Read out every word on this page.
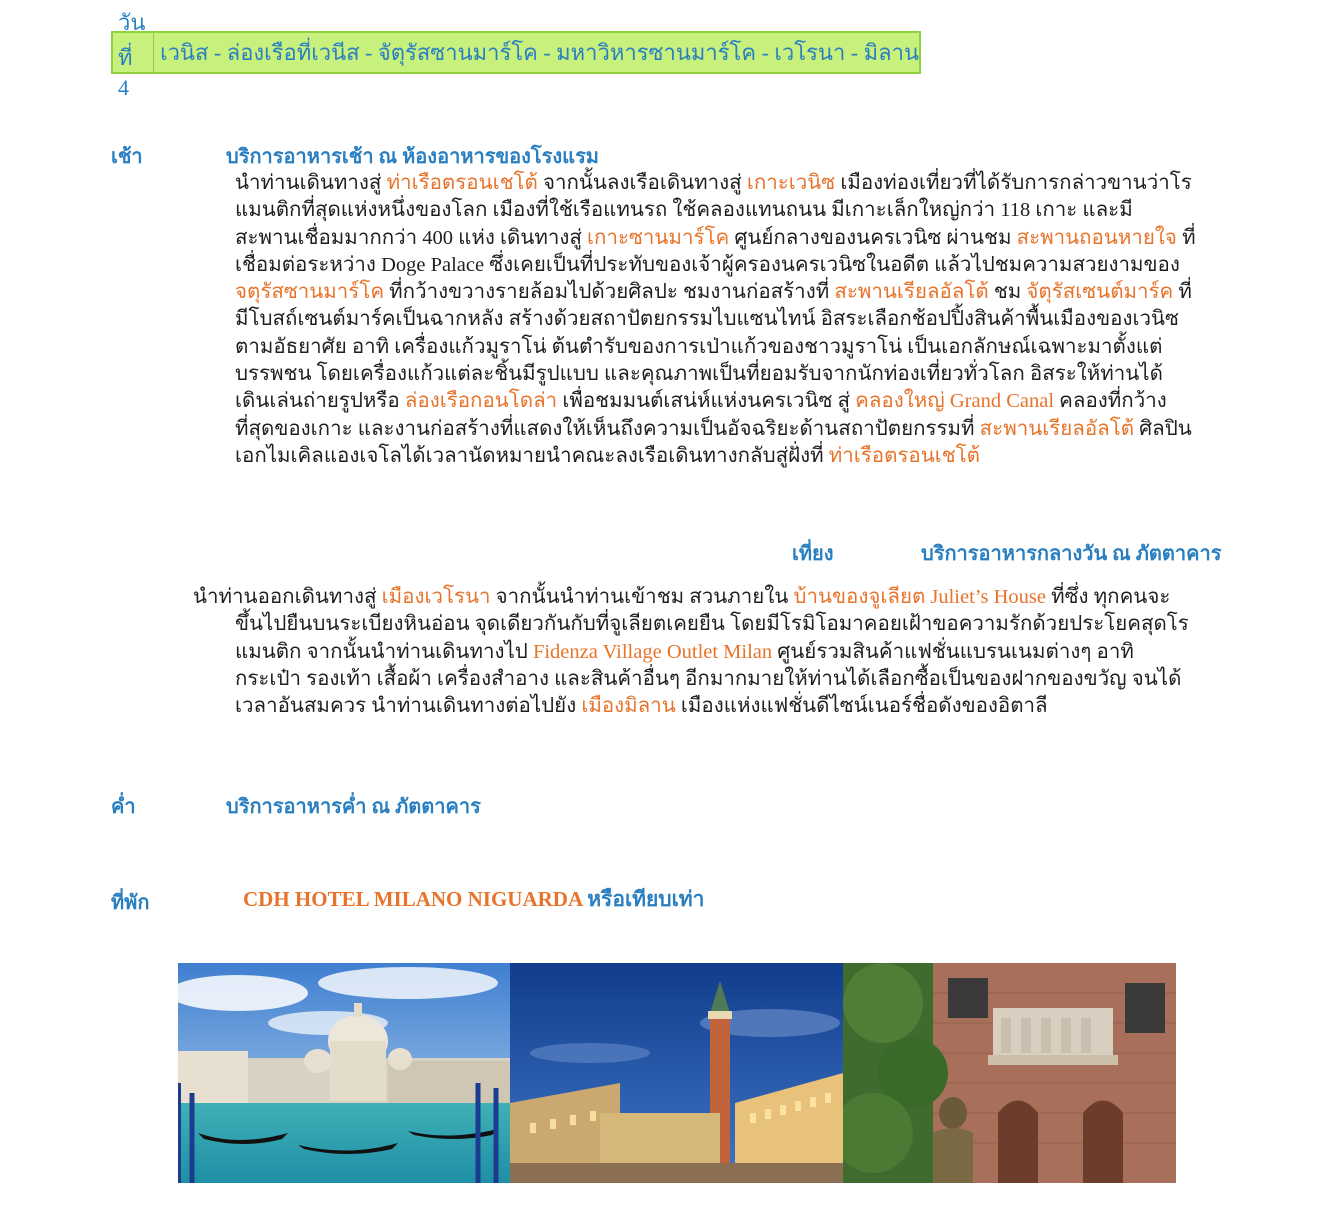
วันที่ 4
เวนิส - ล่องเรือที่เวนีส - จัตุรัสซานมาร์โค - มหาวิหารซานมาร์โค - เวโรนา - มิลาน
เช้า	บริการอาหารเช้า ณ ห้องอาหารของโรงแรม
นำท่านเดินทางสู่ ท่าเรือตรอนเชโต้ จากนั้นลงเรือเดินทางสู่ เกาะเวนิซ เมืองท่องเที่ยวที่ได้รับการกล่าวขานว่าโร
แมนติกที่สุดแห่งหนึ่งของโลก เมืองที่ใช้เรือแทนรถ ใช้คลองแทนถนน มีเกาะเล็กใหญ่กว่า 118 เกาะ และมี
สะพานเชื่อมมากกว่า 400 แห่ง เดินทางสู่ เกาะซานมาร์โค ศูนย์กลางของนครเวนิซ ผ่านชม สะพานถอนหายใจ ที่
เชื่อมต่อระหว่าง Doge Palace ซึ่งเคยเป็นที่ประทับของเจ้าผู้ครองนครเวนิซในอดีต แล้วไปชมความสวยงามของ
จตุรัสซานมาร์โค ที่กว้างขวางรายล้อมไปด้วยศิลปะ ชมงานก่อสร้างที่ สะพานเรียลอัลโต้ ชม จัตุรัสเซนต์มาร์ค ที่
มีโบสถ์เซนต์มาร์คเป็นฉากหลัง สร้างด้วยสถาปัตยกรรมไบแซนไทน์ อิสระเลือกช้อปปิ้งสินค้าพื้นเมืองของเวนิซ
ตามอัธยาศัย อาทิ เครื่องแก้วมูราโน่ ต้นตำรับของการเป่าแก้วของชาวมูราโน่ เป็นเอกลักษณ์เฉพาะมาตั้งแต่
บรรพชน โดยเครื่องแก้วแต่ละชิ้นมีรูปแบบ และคุณภาพเป็นที่ยอมรับจากนักท่องเที่ยวทั่วโลก อิสระให้ท่านได้
เดินเล่นถ่ายรูปหรือ ล่องเรือกอนโดล่า เพื่อชมมนต์เสน่ห์แห่งนครเวนิซ สู่ คลองใหญ่ Grand Canal คลองที่กว้าง
ที่สุดของเกาะ และงานก่อสร้างที่แสดงให้เห็นถึงความเป็นอัจฉริยะด้านสถาปัตยกรรมที่ สะพานเรียลอัลโต้ ศิลปิน
เอกไมเคิลแองเจโลได้เวลานัดหมายนำคณะลงเรือเดินทางกลับสู่ฝั่งที่ ท่าเรือตรอนเชโต้
เที่ยง	บริการอาหารกลางวัน ณ ภัตตาคาร
นำท่านออกเดินทางสู่ เมืองเวโรนา จากนั้นนำท่านเข้าชม สวนภายใน บ้านของจูเลียต Juliet’s House ที่ซึ่ง ทุกคนจะ
ขึ้นไปยืนบนระเบียงหินอ่อน จุดเดียวกันกับที่จูเลียตเคยยืน โดยมีโรมิโอมาคอยเฝ้าขอความรักด้วยประโยคสุดโร
แมนติก จากนั้นนำท่านเดินทางไป Fidenza Village Outlet Milan ศูนย์รวมสินค้าแฟชั่นแบรนเนมต่างๆ อาทิ
กระเป๋า รองเท้า เสื้อผ้า เครื่องสำอาง และสินค้าอื่นๆ อีกมากมายให้ท่านได้เลือกซื้อเป็นของฝากของขวัญ จนได้
เวลาอันสมควร นำท่านเดินทางต่อไปยัง เมืองมิลาน เมืองแห่งแฟชั่นดีไซน์เนอร์ชื่อดังของอิตาลี
ค่ำ	บริการอาหารค่ำ ณ ภัตตาคาร
ที่พัก	CDH HOTEL MILANO NIGUARDA หรือเทียบเท่า
